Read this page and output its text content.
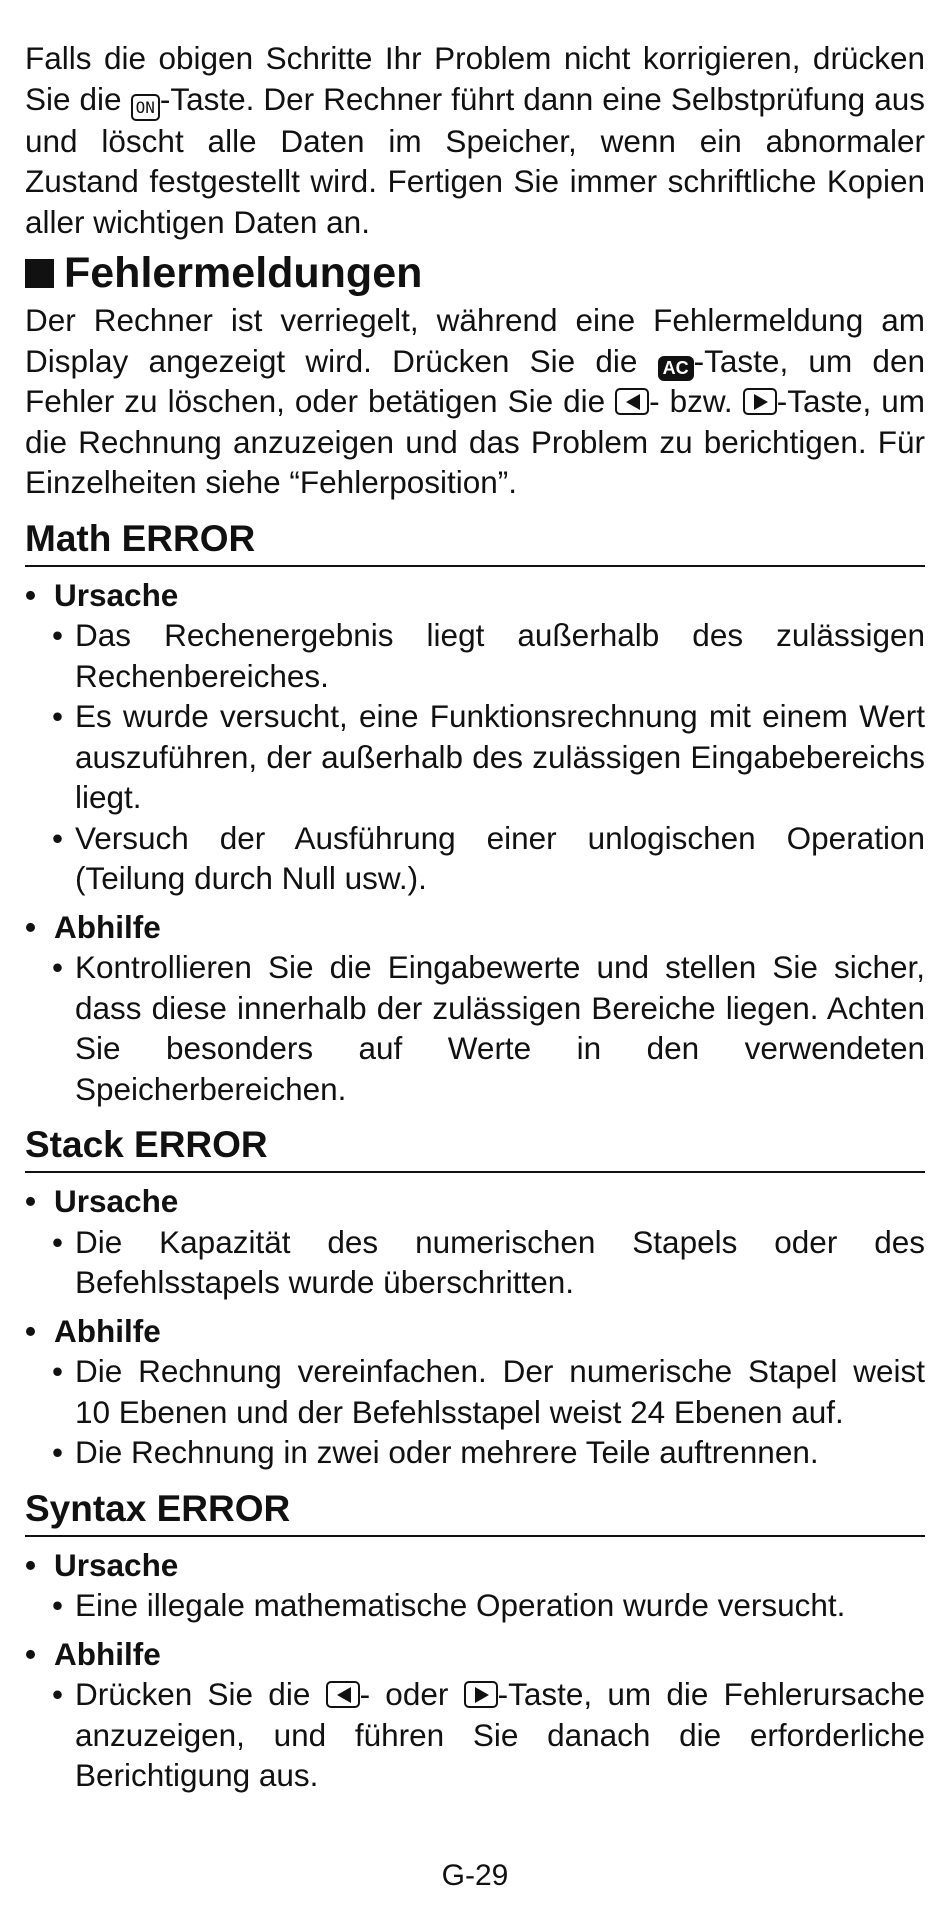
Falls die obigen Schritte Ihr Problem nicht korrigieren, drücken Sie die ON -Taste. Der Rechner führt dann eine Selbstprüfung aus und löscht alle Daten im Speicher, wenn ein abnormaler Zustand festgestellt wird. Fertigen Sie immer schriftliche Kopien aller wichtigen Daten an.

Fehlermeldungen

Der Rechner ist verriegelt, während eine Fehlermeldung am Display angezeigt wird. Drücken Sie die AC -Taste, um den Fehler zu löschen, oder betätigen Sie die - bzw. -Taste, um die Rechnung anzuzeigen und das Problem zu berichtigen. Für Einzelheiten siehe “Fehlerposition”.

Math ERROR
• Ursache

• Das Rechenergebnis liegt außerhalb des zulässigen Rechenbereiches.

• Es wurde versucht, eine Funktionsrechnung mit einem Wert auszuführen, der außerhalb des zulässigen Eingabebereichs liegt.

• Versuch der Ausführung einer unlogischen Operation (Teilung durch Null usw.).

• Abhilfe

• Kontrollieren Sie die Eingabewerte und stellen Sie sicher, dass diese innerhalb der zulässigen Bereiche liegen. Achten Sie besonders auf Werte in den verwendeten Speicherbereichen.

Stack ERROR
• Ursache

• Die Kapazität des numerischen Stapels oder des Befehlsstapels wurde überschritten.

• Abhilfe

• Die Rechnung vereinfachen. Der numerische Stapel weist 10 Ebenen und der Befehlsstapel weist 24 Ebenen auf.

• Die Rechnung in zwei oder mehrere Teile auftrennen.

Syntax ERROR
• Ursache

• Eine illegale mathematische Operation wurde versucht.

• Abhilfe

• Drücken Sie die - oder -Taste, um die Fehlerursache anzuzeigen, und führen Sie danach die erforderliche Berichtigung aus.

G-29
